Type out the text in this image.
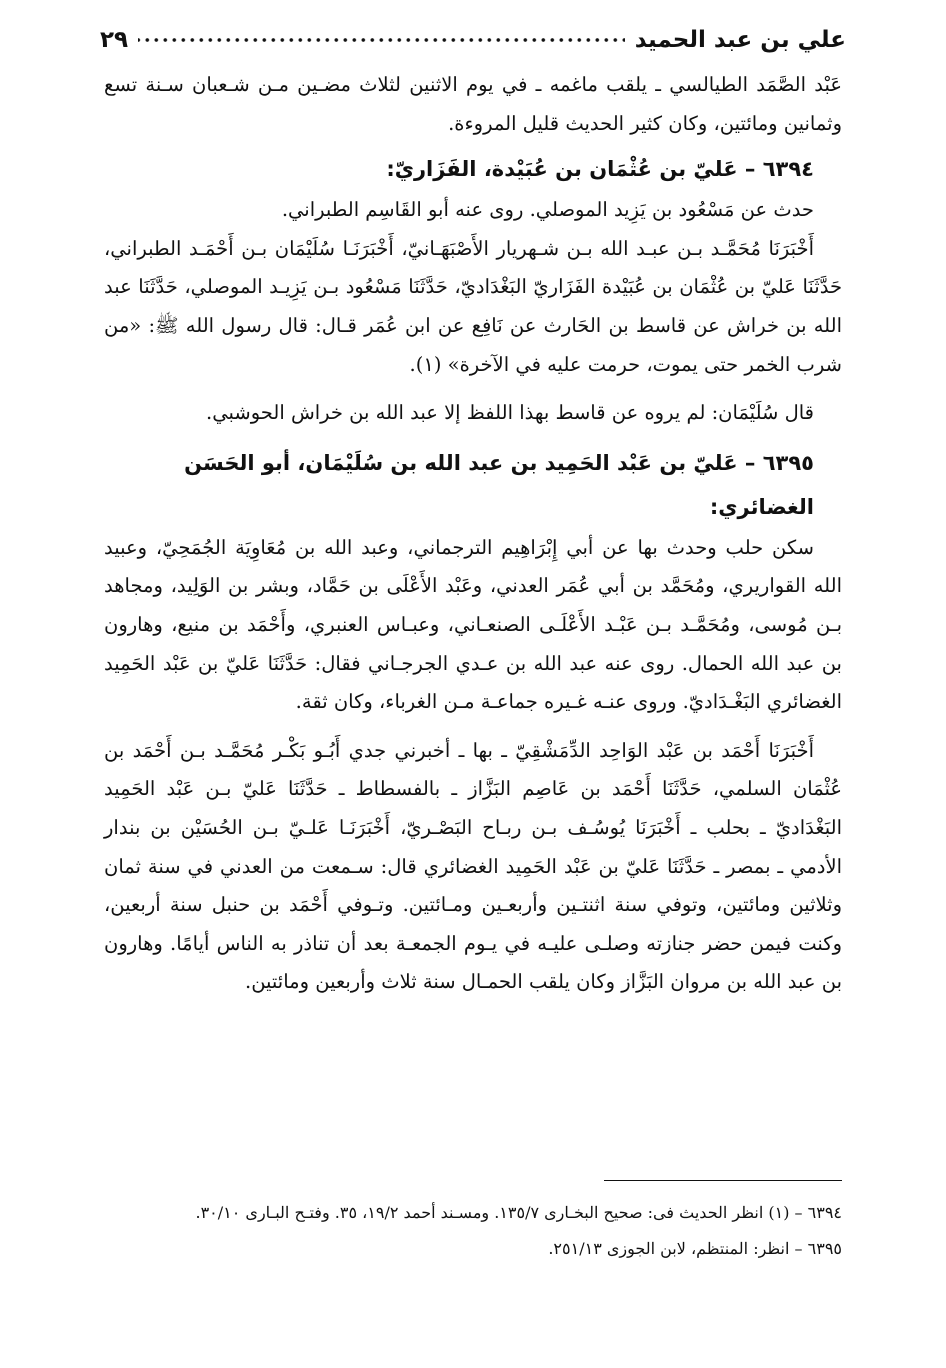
علي بن عبد الحميد
٢٩

عَبْد الصَّمَد الطيالسي ـ يلقب ماغمه ـ في يوم الاثنين لثلاث مضـين مـن شـعبان سـنة تسع وثمانين ومائتين، وكان كثير الحديث قليل المروءة.

٦٣٩٤ – عَليّ بن عُثْمَان بن عُبَيْدة، الفَزَاريّ:

حدث عن مَسْعُود بن يَزِيد الموصلي. روى عنه أبو القَاسِم الطبراني.

أَخْبَرَنَا مُحَمَّـد بـن عبـد الله بـن شـهريار الأَصْبَهَـانيّ، أَخْبَرَنَـا سُلَيْمَان بـن أَحْمَـد الطبراني، حَدَّثَنَا عَليّ بن عُثْمَان بن عُبَيْدة الفَزَاريّ البَغْدَاديّ، حَدَّثَنَا مَسْعُود بـن يَزِيـد الموصلي، حَدَّثَنَا عبد الله بن خراش عن قاسط بن الحَارث عن نَافِع عن ابن عُمَر قـال: قال رسول الله ﷺ: «من شرب الخمر حتى يموت، حرمت عليه في الآخرة» (١).

قال سُلَيْمَان: لم يروه عن قاسط بهذا اللفظ إلا عبد الله بن خراش الحوشبي.

٦٣٩٥ – عَليّ بن عَبْد الحَمِيد بن عبد الله بن سُلَيْمَان، أبو الحَسَن الغضائري:

سكن حلب وحدث بها عن أبي إِبْرَاهِيم الترجماني، وعبد الله بن مُعَاوِيَة الجُمَحِيّ، وعبيد الله القواريري، ومُحَمَّد بن أبي عُمَر العدني، وعَبْد الأَعْلَى بن حَمَّاد، وبشر بن الوَلِيد، ومجاهد بـن مُوسى، ومُحَمَّـد بـن عَبْـد الأَعْلَـى الصنعـاني، وعبـاس العنبري، وأَحْمَد بن منيع، وهارون بن عبد الله الحمال. روى عنه عبد الله بن عـدي الجرجـاني فقال: حَدَّثَنَا عَليّ بن عَبْد الحَمِيد الغضائري البَغْـدَاديّ. وروى عنـه غـيره جماعـة مـن الغرباء، وكان ثقة.

أَخْبَرَنَا أَحْمَد بن عَبْد الوَاحِد الدِّمَشْقِيّ ـ بها ـ أخبرني جدي أَبُـو بَكْـر مُحَمَّـد بـن أَحْمَد بن عُثْمَان السلمي، حَدَّثَنَا أَحْمَد بن عَاصِم البَزَّاز ـ بالفسطاط ـ حَدَّثَنَا عَليّ بـن عَبْد الحَمِيد البَغْدَاديّ ـ بحلب ـ أَخْبَرَنَا يُوسُـف بـن ربـاح البَصْـريّ، أَخْبَرَنَـا عَلـيّ بـن الحُسَيْن بن بندار الأدمي ـ بمصر ـ حَدَّثَنَا عَليّ بن عَبْد الحَمِيد الغضائري قال: سـمعت من العدني في سنة ثمان وثلاثين ومائتين، وتوفي سنة اثنتـين وأربعـين ومـائتين. وتـوفي أَحْمَد بن حنبل سنة أربعين، وكنت فيمن حضر جنازته وصلـى عليـه في يـوم الجمعـة بعد أن تناذر به الناس أيامًا. وهارون بن عبد الله بن مروان البَزَّاز وكان يلقب الحمـال سنة ثلاث وأربعين ومائتين.

٦٣٩٤ – (١) انظر الحديث فى: صحيح البخـارى ١٣٥/٧. ومسـند أحمد ١٩/٢، ٣٥. وفتـح البـارى ٣٠/١٠.

٦٣٩٥ – انظر: المنتظم، لابن الجوزى ٢٥١/١٣.
